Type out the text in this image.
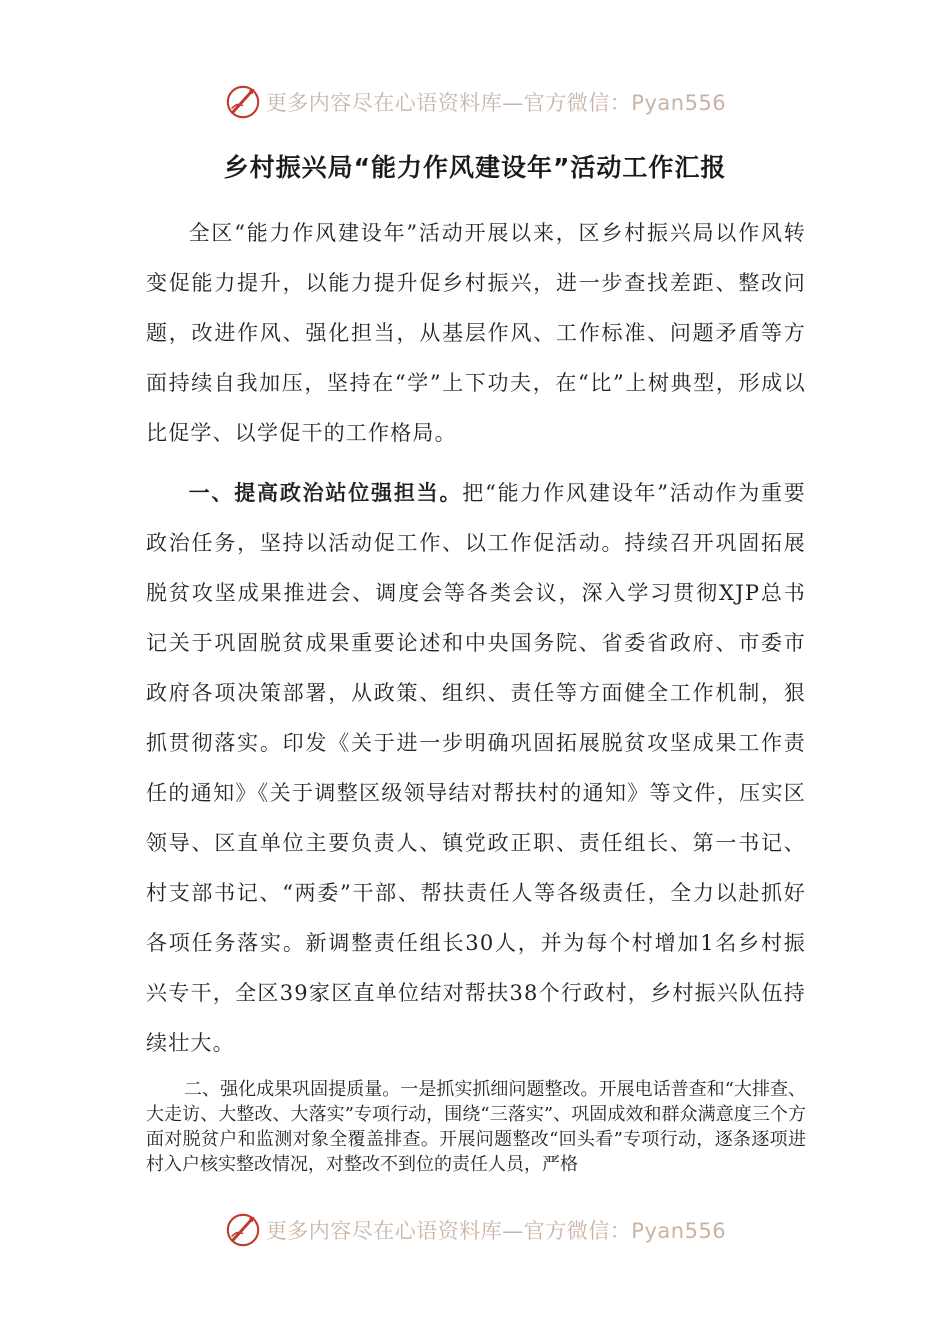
更多内容尽在心语资料库—官方微信：Pyan556
乡村振兴局“能力作风建设年”活动工作汇报
全区“能力作风建设年”活动开展以来，区乡村振兴局以作风转变促能力提升，以能力提升促乡村振兴，进一步查找差距、整改问题，改进作风、强化担当，从基层作风、工作标准、问题矛盾等方面持续自我加压，坚持在“学”上下功夫，在“比”上树典型，形成以比促学、以学促干的工作格局。
一、提高政治站位强担当。把“能力作风建设年”活动作为重要政治任务，坚持以活动促工作、以工作促活动。持续召开巩固拓展脱贫攻坚成果推进会、调度会等各类会议，深入学习贯彻XJP总书记关于巩固脱贫成果重要论述和中央国务院、省委省政府、市委市政府各项决策部署，从政策、组织、责任等方面健全工作机制，狠抓贯彻落实。印发《关于进一步明确巩固拓展脱贫攻坚成果工作责任的通知》《关于调整区级领导结对帮扶村的通知》等文件，压实区领导、区直单位主要负责人、镇党政正职、责任组长、第一书记、村支部书记、“两委”干部、帮扶责任人等各级责任，全力以赴抓好各项任务落实。新调整责任组长30人，并为每个村增加1名乡村振兴专干，全区39家区直单位结对帮扶38个行政村，乡村振兴队伍持续壮大。
二、强化成果巩固提质量。一是抓实抓细问题整改。开展电话普查和“大排查、大走访、大整改、大落实”专项行动，围绕“三落实”、巩固成效和群众满意度三个方面对脱贫户和监测对象全覆盖排查。开展问题整改“回头看”专项行动，逐条逐项进村入户核实整改情况，对整改不到位的责任人员，严格
更多内容尽在心语资料库—官方微信：Pyan556
